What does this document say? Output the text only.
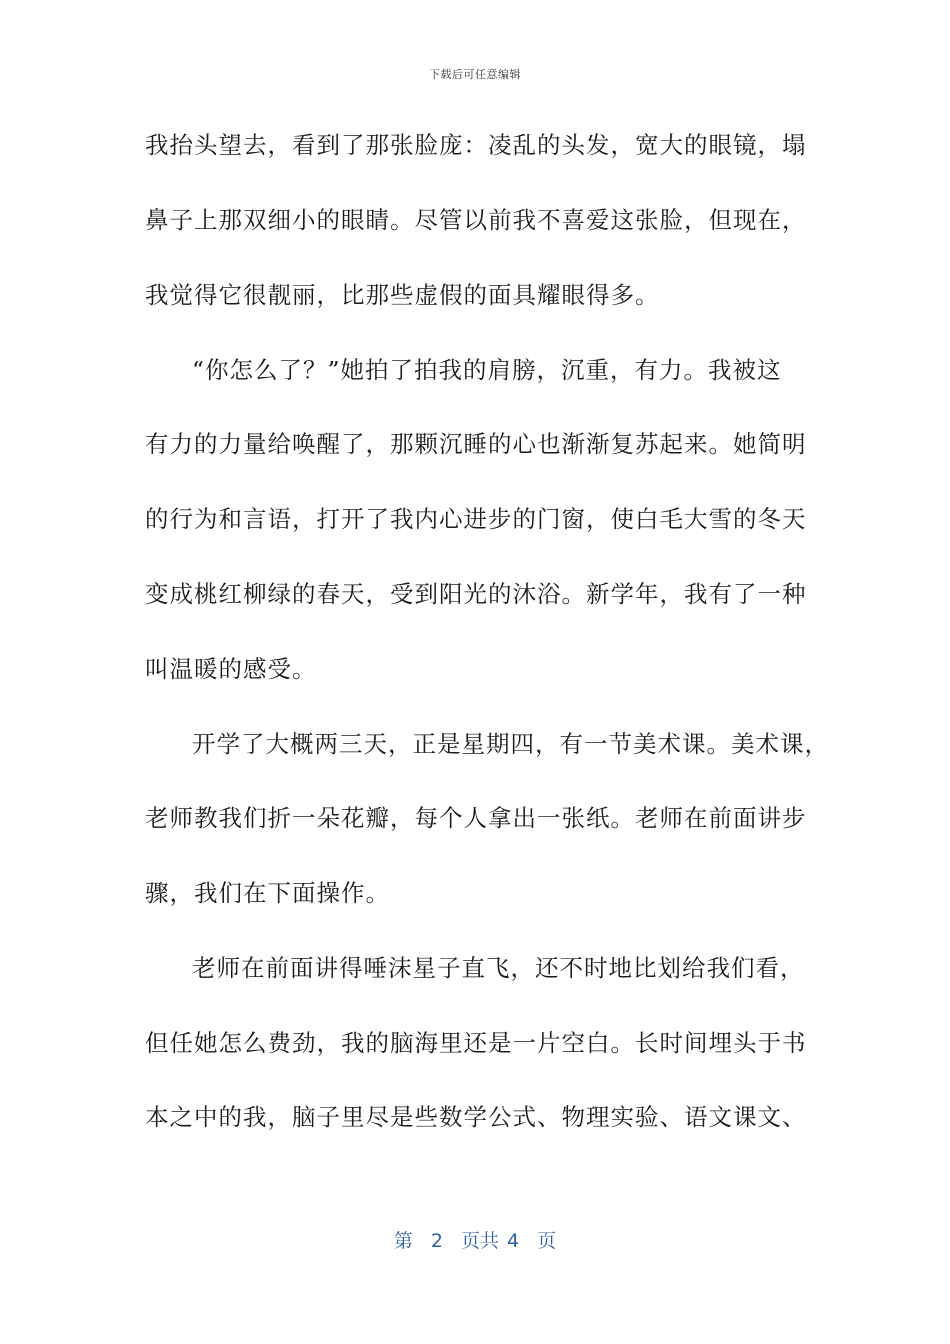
下载后可任意编辑
我抬头望去，看到了那张脸庞：凌乱的头发，宽大的眼镜，塌
鼻子上那双细小的眼睛。尽管以前我不喜爱这张脸，但现在，
我觉得它很靓丽，比那些虚假的面具耀眼得多。
“你怎么了？”她拍了拍我的肩膀，沉重，有力。我被这
有力的力量给唤醒了，那颗沉睡的心也渐渐复苏起来。她简明
的行为和言语，打开了我内心进步的门窗，使白毛大雪的冬天
变成桃红柳绿的春天，受到阳光的沐浴。新学年，我有了一种
叫温暖的感受。
开学了大概两三天，正是星期四，有一节美术课。美术课，
老师教我们折一朵花瓣，每个人拿出一张纸。老师在前面讲步
骤，我们在下面操作。
老师在前面讲得唾沫星子直飞，还不时地比划给我们看，
但任她怎么费劲，我的脑海里还是一片空白。长时间埋头于书
本之中的我，脑子里尽是些数学公式、物理实验、语文课文、
第 2 页共 4 页
